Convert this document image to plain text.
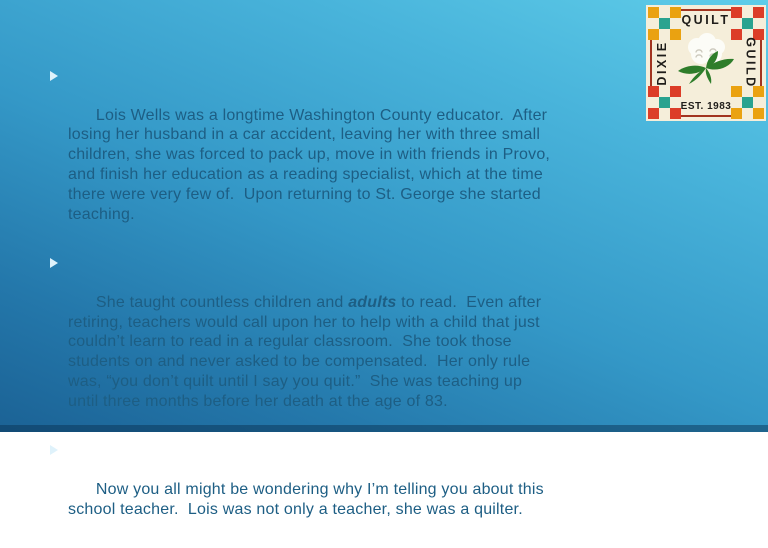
Lois Wells was a longtime Washington County educator.  After losing her husband in a car accident, leaving her with three small children, she was forced to pack up, move in with friends in Provo, and finish her education as a reading specialist, which at the time there were very few of.  Upon returning to St. George she started teaching.

She taught countless children and adults to read.  Even after retiring, teachers would call upon her to help with a child that just couldn’t learn to read in a regular classroom.  She took those students on and never asked to be compensated.  Her only rule was, “you don’t quilt until I say you quit.”  She was teaching up until three months before her death at the age of 83.

Now you all might be wondering why I’m telling you about this school teacher.  Lois was not only a teacher, she was a quilter.

QUILT
DIXIE	GUILD
EST. 1983
